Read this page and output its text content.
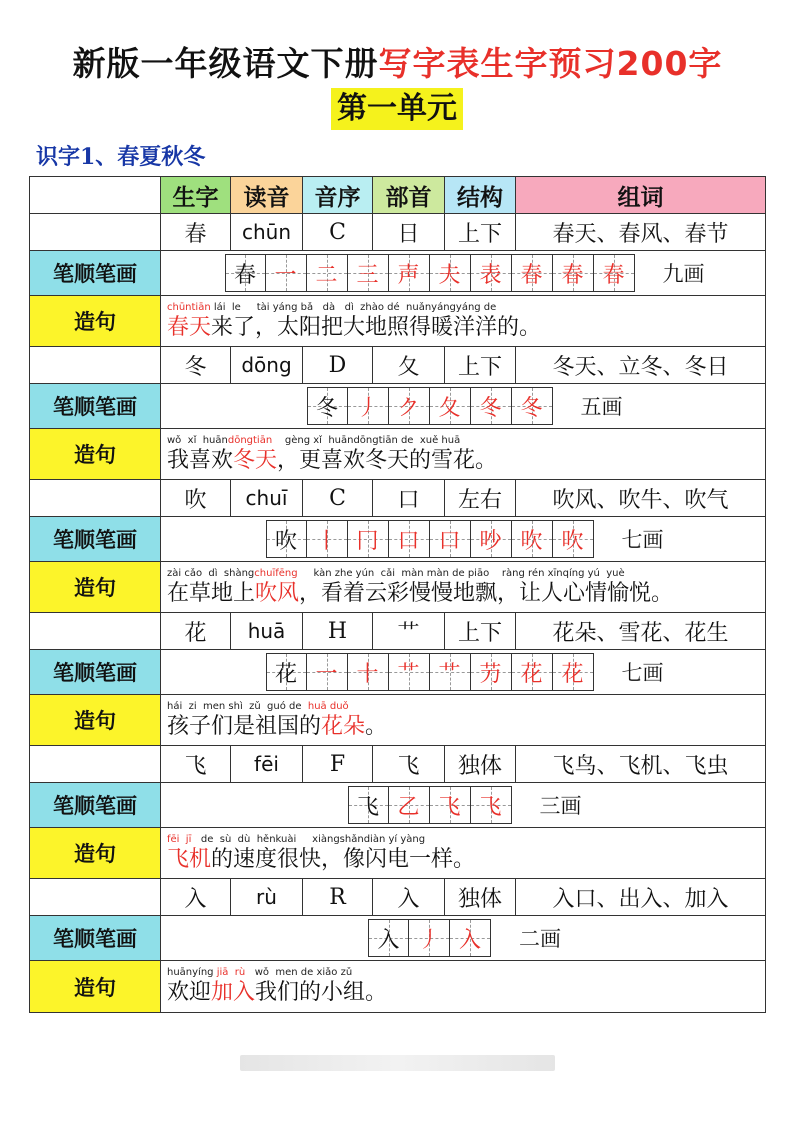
新版一年级语文下册写字表生字预习200字
第一单元
识字1、春夏秋冬
生字	读音	音序	部首	结构	组词
春	chūn	C	日	上下	春天、春风、春节
笔顺笔画	春 一 二 三 声 夫 表 春 春 春 九画
造句
chūntiān lái  le     tài yáng bǎ   dà   dì  zhào dé  nuǎnyángyáng de
春天来了，太阳把大地照得暖洋洋的。
冬	dōng	D	夂	上下	冬天、立冬、冬日
笔顺笔画	冬 丿 ク 夂 冬 冬 五画
造句
wǒ  xǐ  huāndōngtiān    gèng xǐ  huāndōngtiān de  xuě huā
我喜欢冬天，更喜欢冬天的雪花。
吹	chuī	C	口	左右	吹风、吹牛、吹气
笔顺笔画	吹 丨 冂 口 口 吵 吹 吹 七画
造句
zài cǎo  dì  shàngchuīfēng     kàn zhe yún  cǎi  màn màn de piāo    ràng rén xīnqíng yú  yuè
在草地上吹风，看着云彩慢慢地飘，让人心情愉悦。
花	huā	H	艹	上下	花朵、雪花、花生
笔顺笔画	花 一 十 艹 艹 芀 花 花 七画
造句
hái  zi  men shì  zǔ  guó de  huā duǒ
孩子们是祖国的花朵。
飞	fēi	F	飞	独体	飞鸟、飞机、飞虫
笔顺笔画	飞 乙 飞 飞 三画
造句
fēi  jī   de  sù  dù  hěnkuài     xiàngshǎndiàn yí yàng
飞机的速度很快，像闪电一样。
入	rù	R	入	独体	入口、出入、加入
笔顺笔画	入 丿 入 二画
造句
huānyíng jiā  rù   wǒ  men de xiǎo zǔ
欢迎加入我们的小组。
